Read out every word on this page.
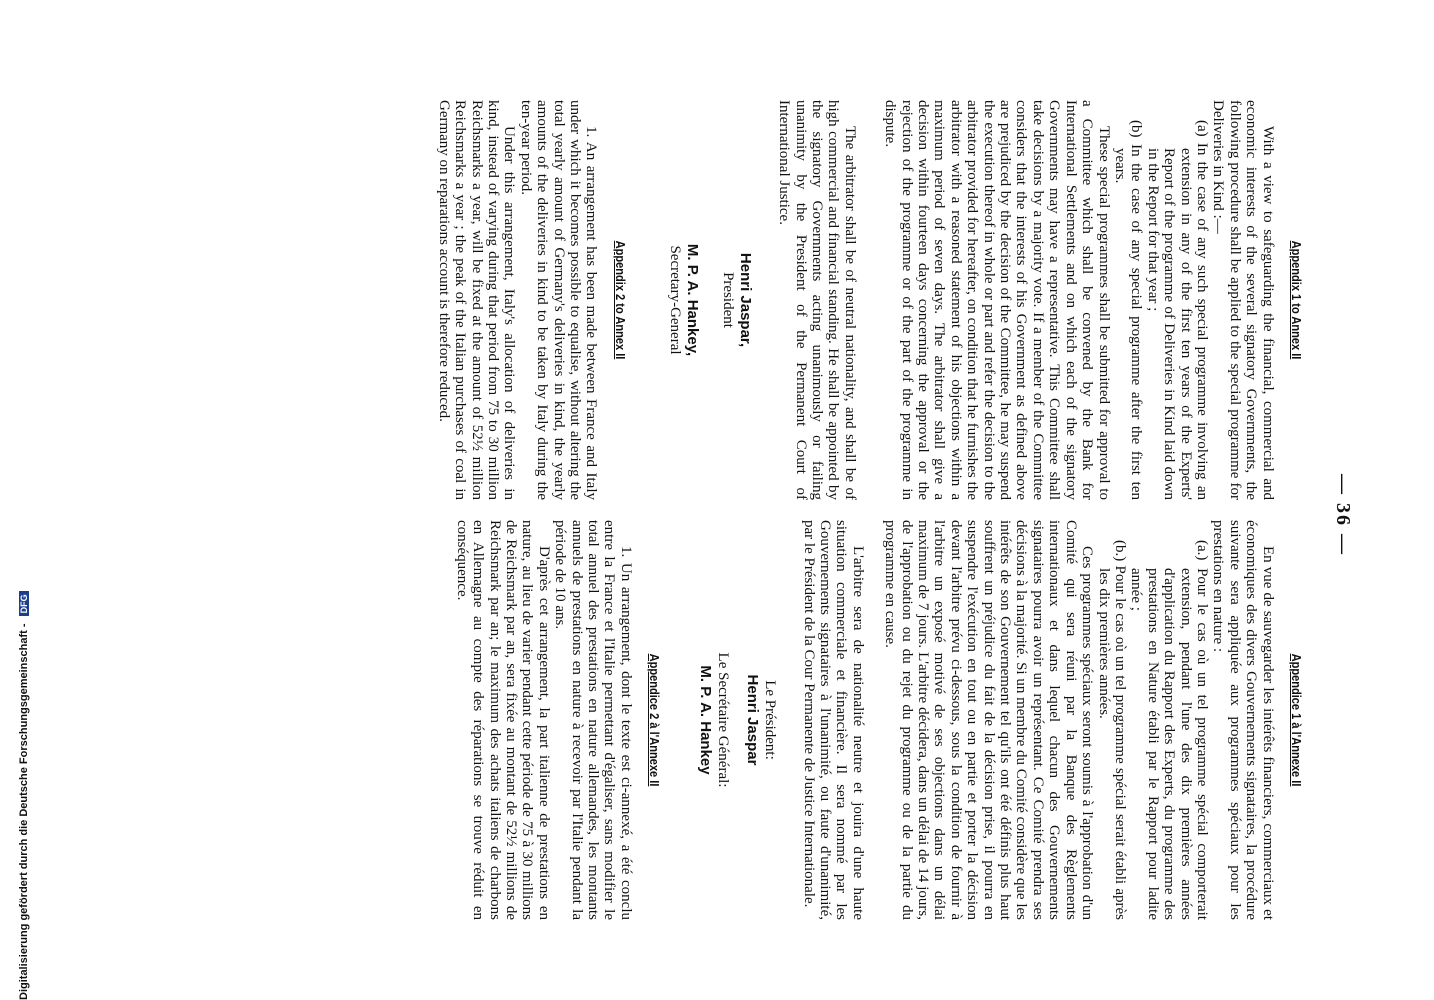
— 36 —
Appendix 1 to Annex II

With a view to safeguarding the financial, commercial and economic interests of the several signatory Governments, the following procedure shall be applied to the special programme for Deliveries in Kind :—

(a) In the case of any such special programme involving an extension in any of the first ten years of the Experts' Report of the programme of Deliveries in Kind laid down in the Report for that year ;
(b) In the case of any special programme after the first ten years.

These special programmes shall be submitted for approval to a Committee which shall be convened by the Bank for International Settlements and on which each of the signatory Governments may have a representative. This Committee shall take decisions by a majority vote. If a member of the Committee considers that the interests of his Government as defined above are prejudiced by the decision of the Committee, he may suspend the execution thereof in whole or part and refer the decision to the arbitrator provided for hereafter, on condition that he furnishes the arbitrator with a reasoned statement of his objections within a maximum period of seven days. The arbitrator shall give a decision within fourteen days concerning the approval or the rejection of the programme or of the part of the programme in dispute.

The arbitrator shall be of neutral nationality, and shall be of high commercial and financial standing. He shall be appointed by the signatory Governments acting unanimously or failing unanimity by the President of the Permanent Court of International Justice.

Henri Jaspar,
President
M. P. A. Hankey,
Secretary-General
Appendix 2 to Annex II

1. An arrangement has been made between France and Italy under which it becomes possible to equalise, without altering the total yearly amount of Germany's deliveries in kind, the yearly amounts of the deliveries in kind to be taken by Italy during the ten-year period.

Under this arrangement, Italy's allocation of deliveries in kind, instead of varying during that period from 75 to 30 million Reichsmarks a year, will be fixed at the amount of 52½ million Reichsmarks a year ; the peak of the Italian purchases of coal in Germany on reparations account is therefore reduced.

Appendice 1 à l'Annexe II

En vue de sauvegarder les intérêts financiers, commerciaux et économiques des divers Gouvernements signataires, la procédure suivante sera appliquée aux programmes spéciaux pour les prestations en nature :

(a.) Pour le cas où un tel programme spécial comporterait extension, pendant l'une des dix premières années d'application du Rapport des Experts, du programme des prestations en Nature établi par le Rapport pour ladite année ;
(b.) Pour le cas où un tel programme spécial serait établi après les dix premières années.

Ces programmes spéciaux seront soumis à l'approbation d'un Comité qui sera réuni par la Banque des Règlements internationaux et dans lequel chacun des Gouvernements signataires pourra avoir un représentant. Ce Comité prendra ses décisions à la majorité. Si un membre du Comité considère que les intérêts de son Gouvernement tel qu'ils ont été définis plus haut souffrent un préjudice du fait de la décision prise, il pourra en suspendre l'exécution en tout ou en partie et porter la décision devant l'arbitre prévu ci-dessous, sous la condition de fournir à l'arbitre un exposé motivé de ses objections dans un délai maximum de 7 jours. L'arbitre décidera, dans un délai de 14 jours, de l'approbation ou du rejet du programme ou de la partie du programme en cause.

L'arbitre sera de nationalité neutre et jouira d'une haute situation commerciale et financière. Il sera nommé par les Gouvernements signataires à l'unanimité, ou faute d'unanimité, par le Président de la Cour Permanente de Justice Internationale.

Le Président:
Henri Jaspar
Le Secrétaire Général:
M. P. A. Hankey
Appendice 2 à l'Annexe II

1. Un arrangement, dont le texte est ci-annexé, a été conclu entre la France et l'Italie permettant d'égaliser, sans modifier le total annuel des prestations en nature allemandes, les montants annuels de prestations en nature à recevoir par l'Italie pendant la période de 10 ans.

D'après cet arrangement, la part italienne de prestations en nature, au lieu de varier pendant cette période de 75 à 30 millions de Reichsmark par an, sera fixée au montant de 52½ millions de Reichsmark par an; le maximum des achats italiens de charbons en Allemagne au compte des réparations se trouve réduit en conséquence.

Digitalisierung gefördert durch die Deutsche Forschungsgemeinschaft - DFG
